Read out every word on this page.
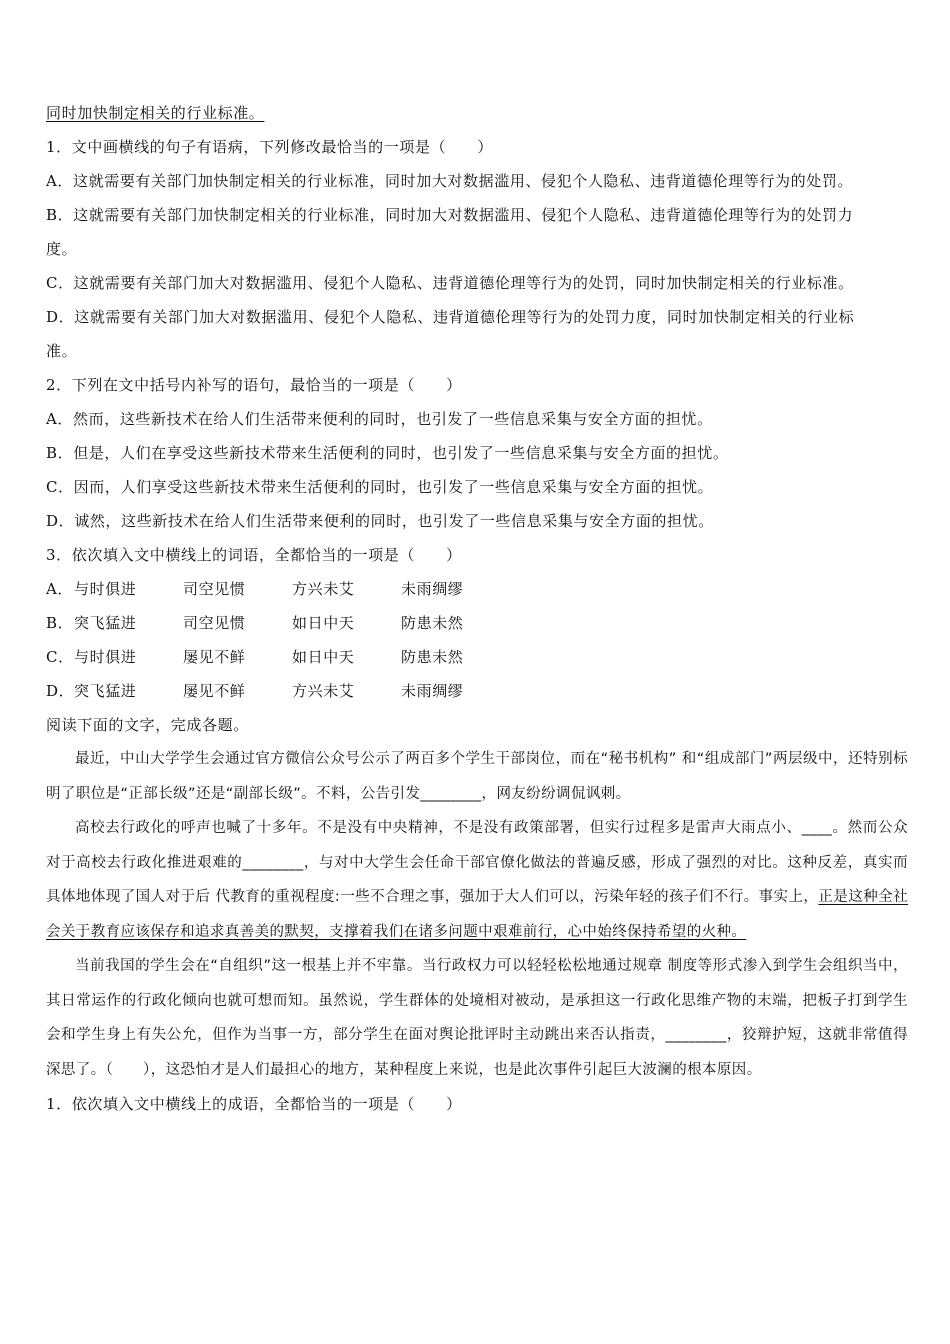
同时加快制定相关的行业标准。
1．文中画横线的句子有语病，下列修改最恰当的一项是（　　）
A．这就需要有关部门加快制定相关的行业标准，同时加大对数据滥用、侵犯个人隐私、违背道德伦理等行为的处罚。
B．这就需要有关部门加快制定相关的行业标准，同时加大对数据滥用、侵犯个人隐私、违背道德伦理等行为的处罚力
度。
C．这就需要有关部门加大对数据滥用、侵犯个人隐私、违背道德伦理等行为的处罚，同时加快制定相关的行业标准。
D．这就需要有关部门加大对数据滥用、侵犯个人隐私、违背道德伦理等行为的处罚力度，同时加快制定相关的行业标
准。
2．下列在文中括号内补写的语句，最恰当的一项是（　　）
A．然而，这些新技术在给人们生活带来便利的同时，也引发了一些信息采集与安全方面的担忧。
B．但是，人们在享受这些新技术带来生活便利的同时，也引发了一些信息采集与安全方面的担忧。
C．因而，人们享受这些新技术带来生活便利的同时，也引发了一些信息采集与安全方面的担忧。
D．诚然，这些新技术在给人们生活带来便利的同时，也引发了一些信息采集与安全方面的担忧。
3．依次填入文中横线上的词语，全都恰当的一项是（　　）
A． 与时俱进	司空见惯	方兴未艾	未雨绸缪
B． 突飞猛进	司空见惯	如日中天	防患未然
C． 与时俱进	屡见不鲜	如日中天	防患未然
D． 突飞猛进	屡见不鲜	方兴未艾	未雨绸缪
阅读下面的文字，完成各题。
最近，中山大学学生会通过官方微信公众号公示了两百多个学生干部岗位，而在“秘书机构” 和“组成部门”两层级中，还特别标明了职位是“正部长级”还是“副部长级”。不料，公告引发________，网友纷纷调侃讽刺。
高校去行政化的呼声也喊了十多年。不是没有中央精神，不是没有政策部署，但实行过程多是雷声大雨点小、____。然而公众对于高校去行政化推进艰难的________，与对中大学生会任命干部官僚化做法的普遍反感，形成了强烈的对比。这种反差，真实而具体地体现了国人对于后 代教育的重视程度:一些不合理之事，强加于大人们可以，污染年轻的孩子们不行。事实上，正是这种全社会关于教育应该保存和追求真善美的默契，支撑着我们在诸多问题中艰难前行，心中始终保持希望的火种。
当前我国的学生会在“自组织”这一根基上并不牢靠。当行政权力可以轻轻松松地通过规章 制度等形式渗入到学生会组织当中，其日常运作的行政化倾向也就可想而知。虽然说，学生群体的处境相对被动，是承担这一行政化思维产物的末端，把板子打到学生会和学生身上有失公允，但作为当事一方，部分学生在面对舆论批评时主动跳出来否认指责，________，狡辩护短，这就非常值得深思了。（　　），这恐怕才是人们最担心的地方，某种程度上来说，也是此次事件引起巨大波澜的根本原因。
1．依次填入文中横线上的成语，全都恰当的一项是（　　）
